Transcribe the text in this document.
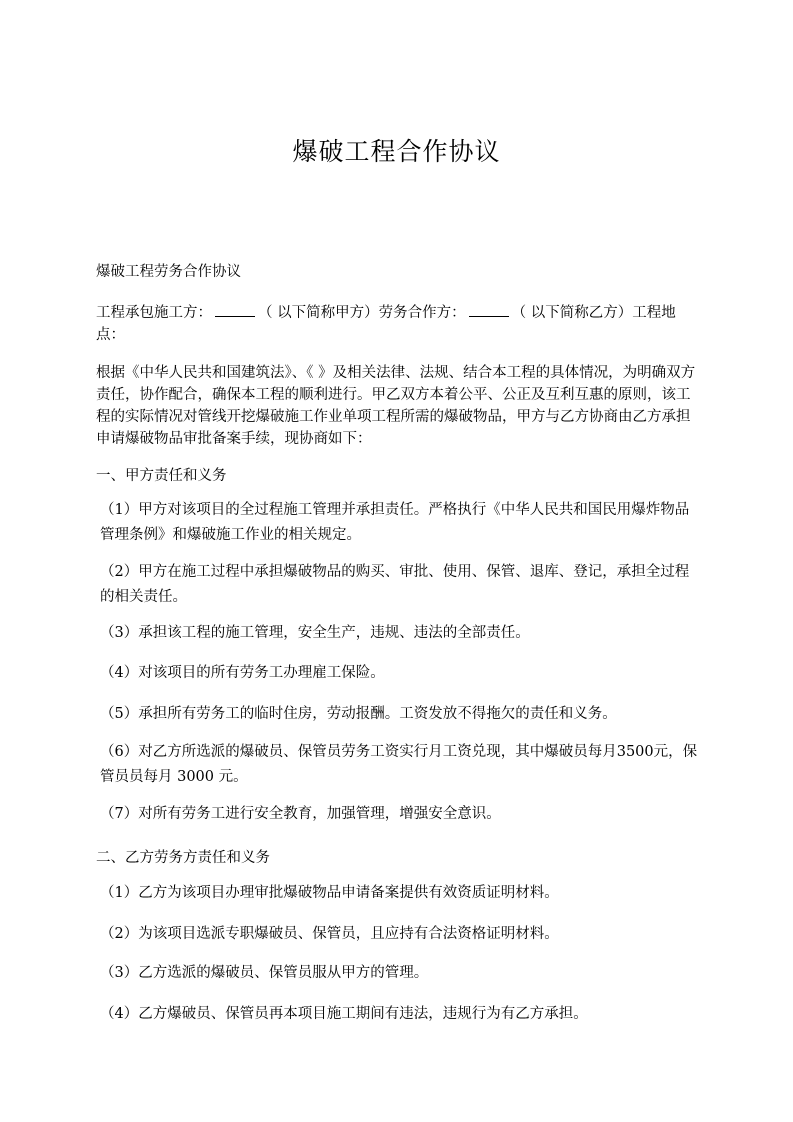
爆破工程合作协议

爆破工程劳务合作协议

工程承包施工方：	（ 以下简称甲方）劳务合作方：	（ 以下简称乙方）工程地点：

根据《中华人民共和国建筑法》、《 》及相关法律、法规、结合本工程的具体情况，为明确双方责任，协作配合，确保本工程的顺利进行。甲乙双方本着公平、公正及互利互惠的原则，该工程的实际情况对管线开挖爆破施工作业单项工程所需的爆破物品，甲方与乙方协商由乙方承担申请爆破物品审批备案手续，现协商如下：

一、甲方责任和义务

（1）甲方对该项目的全过程施工管理并承担责任。严格执行《中华人民共和国民用爆炸物品管理条例》和爆破施工作业的相关规定。

（2）甲方在施工过程中承担爆破物品的购买、审批、使用、保管、退库、登记，承担全过程的相关责任。

（3）承担该工程的施工管理，安全生产，违规、违法的全部责任。

（4）对该项目的所有劳务工办理雇工保险。

（5）承担所有劳务工的临时住房，劳动报酬。工资发放不得拖欠的责任和义务。

（6）对乙方所选派的爆破员、保管员劳务工资实行月工资兑现，其中爆破员每月3500元，保管员员每月 3000 元。

（7）对所有劳务工进行安全教育，加强管理，增强安全意识。

二、乙方劳务方责任和义务

（1）乙方为该项目办理审批爆破物品申请备案提供有效资质证明材料。

（2）为该项目选派专职爆破员、保管员，且应持有合法资格证明材料。

（3）乙方选派的爆破员、保管员服从甲方的管理。

（4）乙方爆破员、保管员再本项目施工期间有违法，违规行为有乙方承担。
